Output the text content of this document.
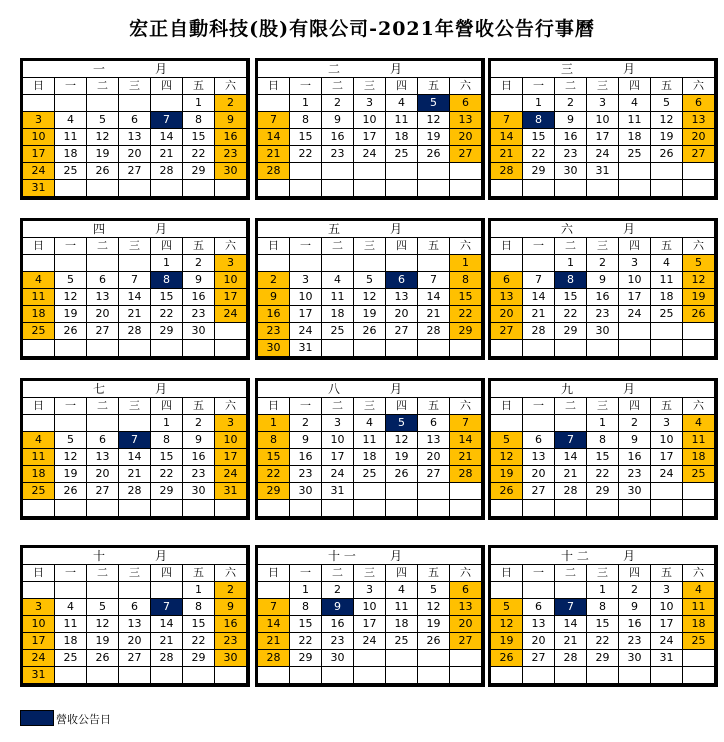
宏正自動科技(股)有限公司-2021年營收公告行事曆
一 月						

日	一	二	三	四	五	六
					1	2
3	4	5	6	7	8	9
10	11	12	13	14	15	16
17	18	19	20	21	22	23
24	25	26	27	28	29	30
31						
二 月						

日	一	二	三	四	五	六
	1	2	3	4	5	6
7	8	9	10	11	12	13
14	15	16	17	18	19	20
21	22	23	24	25	26	27
28						

三 月						

日	一	二	三	四	五	六
	1	2	3	4	5	6
7	8	9	10	11	12	13
14	15	16	17	18	19	20
21	22	23	24	25	26	27
28	29	30	31			

四 月						

日	一	二	三	四	五	六
				1	2	3
4	5	6	7	8	9	10
11	12	13	14	15	16	17
18	19	20	21	22	23	24
25	26	27	28	29	30	

五 月						

日	一	二	三	四	五	六
						1
2	3	4	5	6	7	8
9	10	11	12	13	14	15
16	17	18	19	20	21	22
23	24	25	26	27	28	29
30	31					
六 月						

日	一	二	三	四	五	六
		1	2	3	4	5
6	7	8	9	10	11	12
13	14	15	16	17	18	19
20	21	22	23	24	25	26
27	28	29	30			

七 月						

日	一	二	三	四	五	六
				1	2	3
4	5	6	7	8	9	10
11	12	13	14	15	16	17
18	19	20	21	22	23	24
25	26	27	28	29	30	31

八 月						

日	一	二	三	四	五	六
1	2	3	4	5	6	7
8	9	10	11	12	13	14
15	16	17	18	19	20	21
22	23	24	25	26	27	28
29	30	31				

九 月						

日	一	二	三	四	五	六
			1	2	3	4
5	6	7	8	9	10	11
12	13	14	15	16	17	18
19	20	21	22	23	24	25
26	27	28	29	30		

十 月						

日	一	二	三	四	五	六
					1	2
3	4	5	6	7	8	9
10	11	12	13	14	15	16
17	18	19	20	21	22	23
24	25	26	27	28	29	30
31						
十 一 月						

日	一	二	三	四	五	六
	1	2	3	4	5	6
7	8	9	10	11	12	13
14	15	16	17	18	19	20
21	22	23	24	25	26	27
28	29	30				

十 二 月						

日	一	二	三	四	五	六
			1	2	3	4
5	6	7	8	9	10	11
12	13	14	15	16	17	18
19	20	21	22	23	24	25
26	27	28	29	30	31	

營收公告日
